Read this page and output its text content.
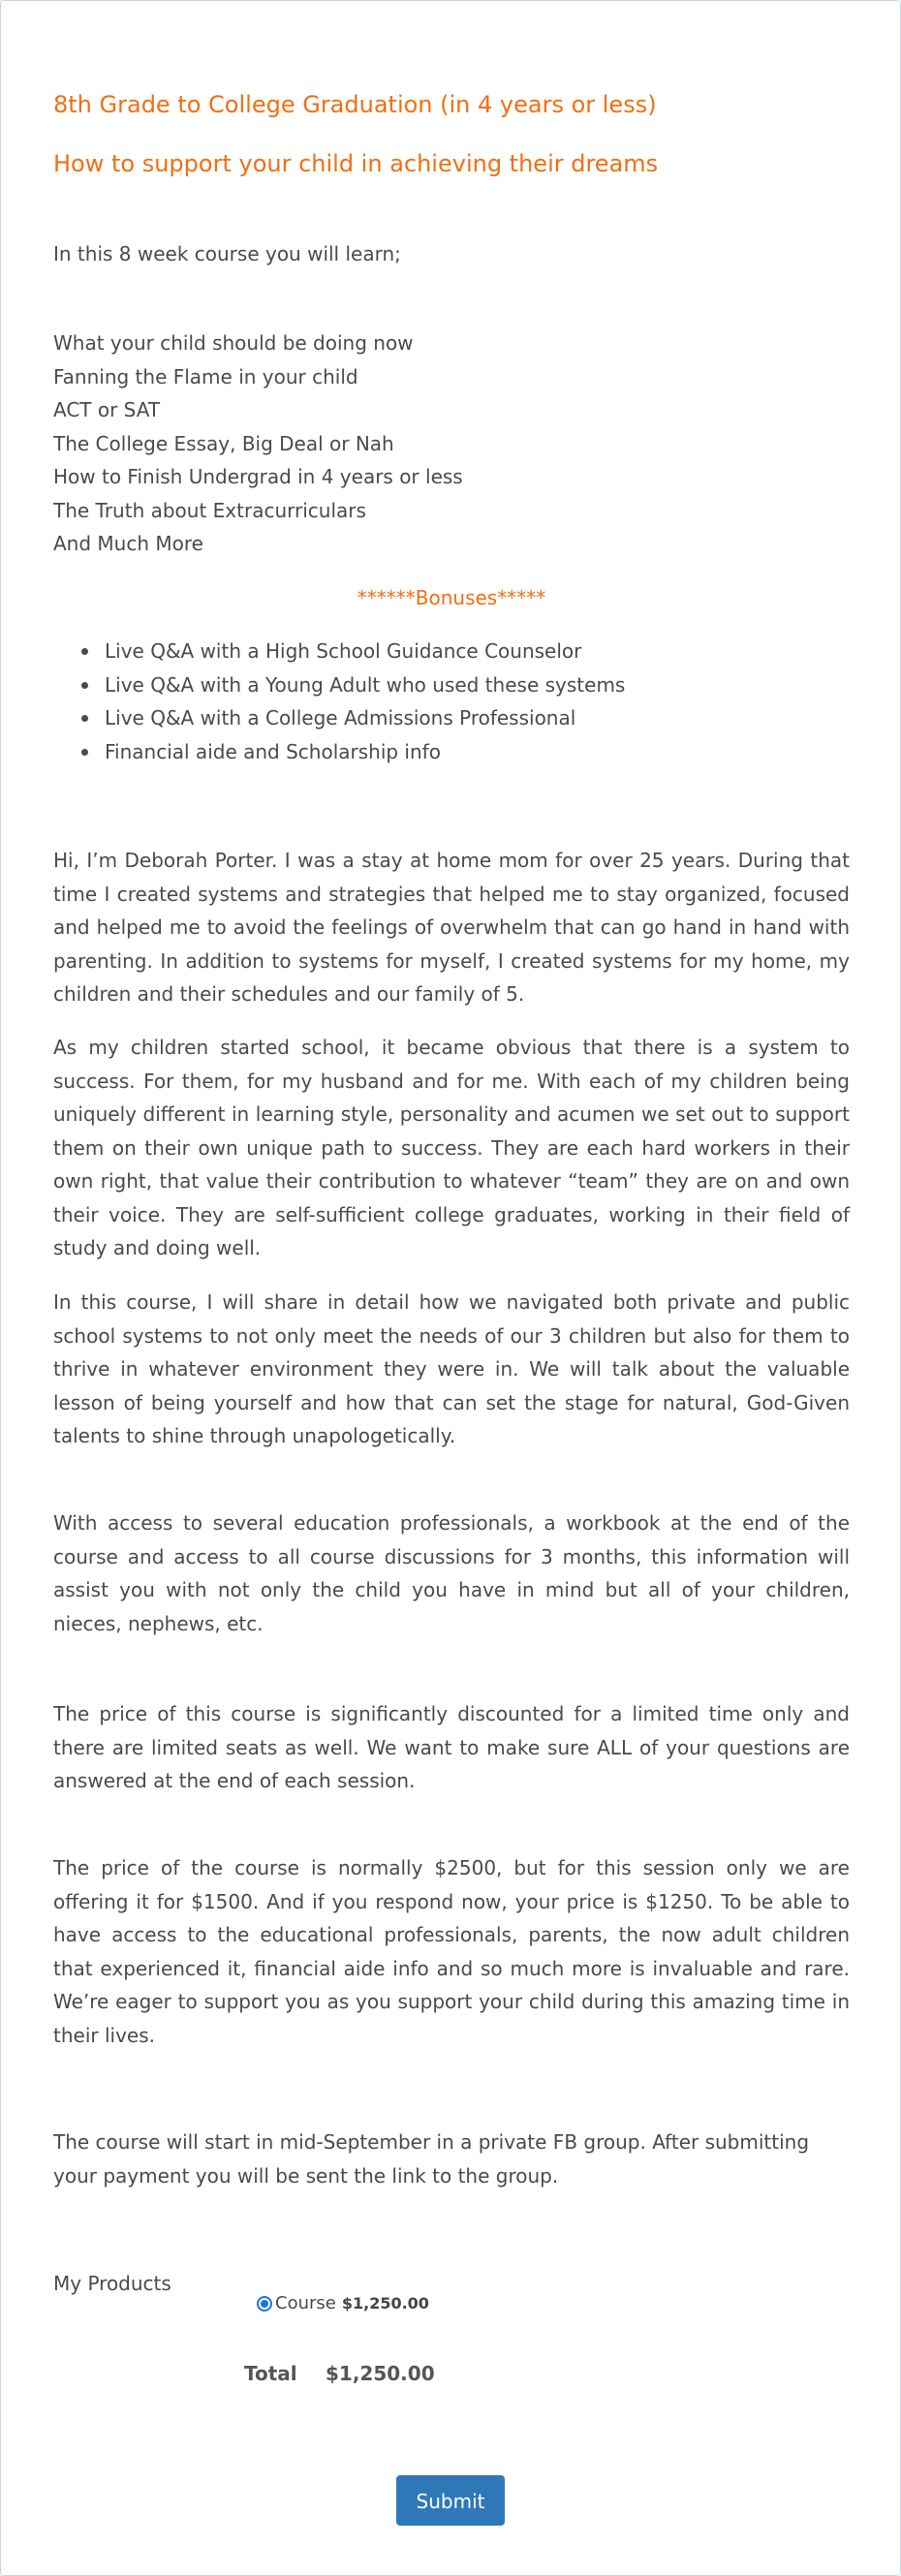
8th Grade to College Graduation (in 4 years or less)
How to support your child in achieving their dreams
In this 8 week course you will learn;
What your child should be doing now
Fanning the Flame in your child
ACT or SAT
The College Essay, Big Deal or Nah
How to Finish Undergrad in 4 years or less
The Truth about Extracurriculars
And Much More
******Bonuses*****
Live Q&A with a High School Guidance Counselor
Live Q&A with a Young Adult who used these systems
Live Q&A with a College Admissions Professional
Financial aide and Scholarship info
Hi, I’m Deborah Porter. I was a stay at home mom for over 25 years. During that time I created systems and strategies that helped me to stay organized, focused and helped me to avoid the feelings of overwhelm that can go hand in hand with parenting. In addition to systems for myself, I created systems for my home, my children and their schedules and our family of 5.
As my children started school, it became obvious that there is a system to success. For them, for my husband and for me. With each of my children being uniquely different in learning style, personality and acumen we set out to support them on their own unique path to success. They are each hard workers in their own right, that value their contribution to whatever “team” they are on and own their voice. They are self-sufficient college graduates, working in their field of study and doing well.
In this course, I will share in detail how we navigated both private and public school systems to not only meet the needs of our 3 children but also for them to thrive in whatever environment they were in. We will talk about the valuable lesson of being yourself and how that can set the stage for natural, God-Given talents to shine through unapologetically.
With access to several education professionals, a workbook at the end of the course and access to all course discussions for 3 months, this information will assist you with not only the child you have in mind but all of your children, nieces, nephews, etc.
The price of this course is significantly discounted for a limited time only and there are limited seats as well. We want to make sure ALL of your questions are answered at the end of each session.
The price of the course is normally $2500, but for this session only we are offering it for $1500. And if you respond now, your price is $1250. To be able to have access to the educational professionals, parents, the now adult children that experienced it, financial aide info and so much more is invaluable and rare. We’re eager to support you as you support your child during this amazing time in their lives.
The course will start in mid-September in a private FB group. After submitting your payment you will be sent the link to the group.
My Products
Course $1,250.00
Total $1,250.00
Submit
